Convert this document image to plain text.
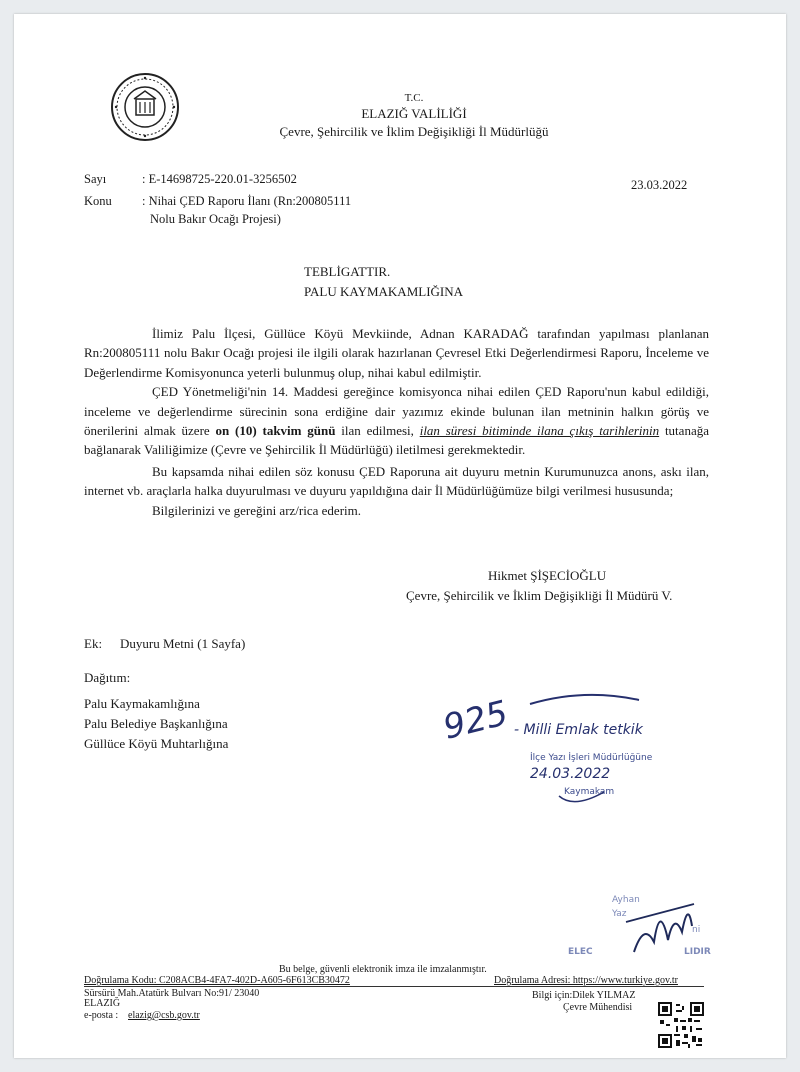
T.C.
ELAZIĞ VALİLİĞİ
Çevre, Şehircilik ve İklim Değişikliği İl Müdürlüğü
Sayı	: E-14698725-220.01-3256502	23.03.2022
Konu : Nihai ÇED Raporu İlanı (Rn:200805111
Nolu Bakır Ocağı Projesi)
TEBLİGATTIR.
PALU KAYMAKAMLIĞINA

İlimiz Palu İlçesi, Güllüce Köyü Mevkiinde, Adnan KARADAĞ tarafından yapılması planlanan Rn:200805111 nolu Bakır Ocağı projesi ile ilgili olarak hazırlanan Çevresel Etki Değerlendirmesi Raporu, İnceleme ve Değerlendirme Komisyonunca yeterli bulunmuş olup, nihai kabul edilmiştir.

ÇED Yönetmeliği'nin 14. Maddesi gereğince komisyonca nihai edilen ÇED Raporu'nun kabul edildiği, inceleme ve değerlendirme sürecinin sona erdiğine dair yazımız ekinde bulunan ilan metninin halkın görüş ve önerilerini almak üzere on (10) takvim günü ilan edilmesi, ilan süresi bitiminde ilana çıkış tarihlerinin tutanağa bağlanarak Valiliğimize (Çevre ve Şehircilik İl Müdürlüğü) iletilmesi gerekmektedir.

Bu kapsamda nihai edilen söz konusu ÇED Raporuna ait duyuru metnin Kurumunuzca anons, askı ilan, internet vb. araçlarla halka duyurulması ve duyuru yapıldığına dair İl Müdürlüğümüze bilgi verilmesi hususunda;

Bilgilerinizi ve gereğini arz/rica ederim.

Hikmet ŞİŞECİOĞLU
Çevre, Şehircilik ve İklim Değişikliği İl Müdürü V.
Ek: Duyuru Metni (1 Sayfa)
Dağıtım:
Palu Kaymakamlığına
Palu Belediye Başkanlığına
Güllüce Köyü Muhtarlığına	925 - Milli Emlak tetkik
İlçe Yazı İşleri Müdürlüğüne
24.03.2022
Kaymakam
Ayhan
Yaz
ni
ELEC	LIDIR
Bu belge, güvenli elektronik imza ile imzalanmıştır.
Doğrulama Kodu: C208ACB4-4FA7-402D-A605-6F613CB30472	Doğrulama Adresi: https://www.turkiye.gov.tr
Sürsürü Mah.Atatürk Bulvarı No:91/ 23040
ELAZIĞ
e-posta : elazig@csb.gov.tr
Bilgi için:Dilek YILMAZ
Çevre Mühendisi
